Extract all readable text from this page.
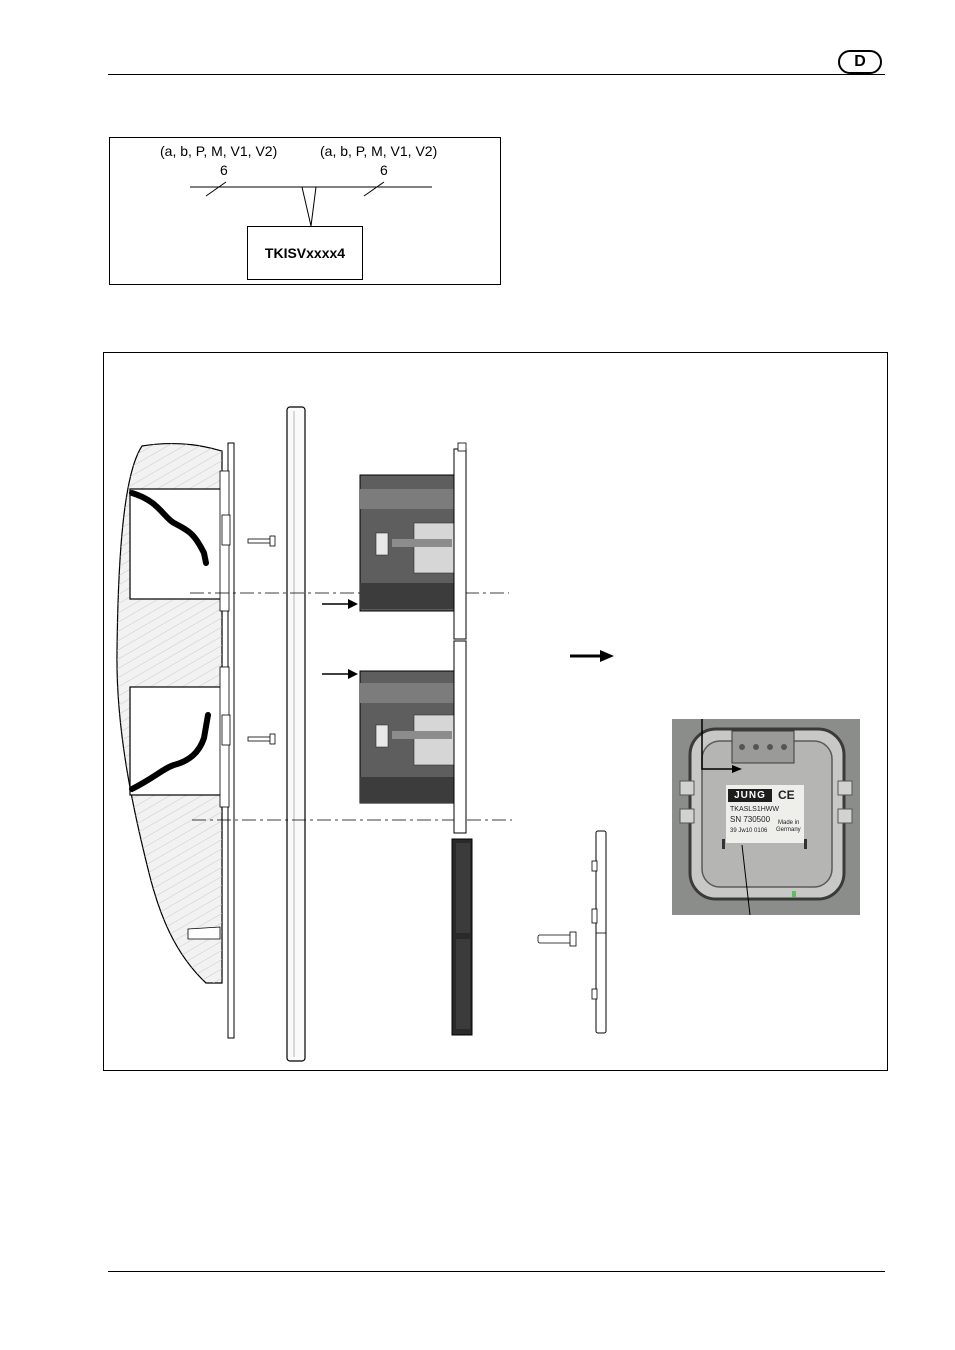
D
(a, b, P, M, V1, V2)
6
(a, b, P, M, V1, V2)
6
TKISVxxxx4
JUNG	CE
TKASLS1HWW
SN 730500
39 Jw10 0106
Made in
Germany
